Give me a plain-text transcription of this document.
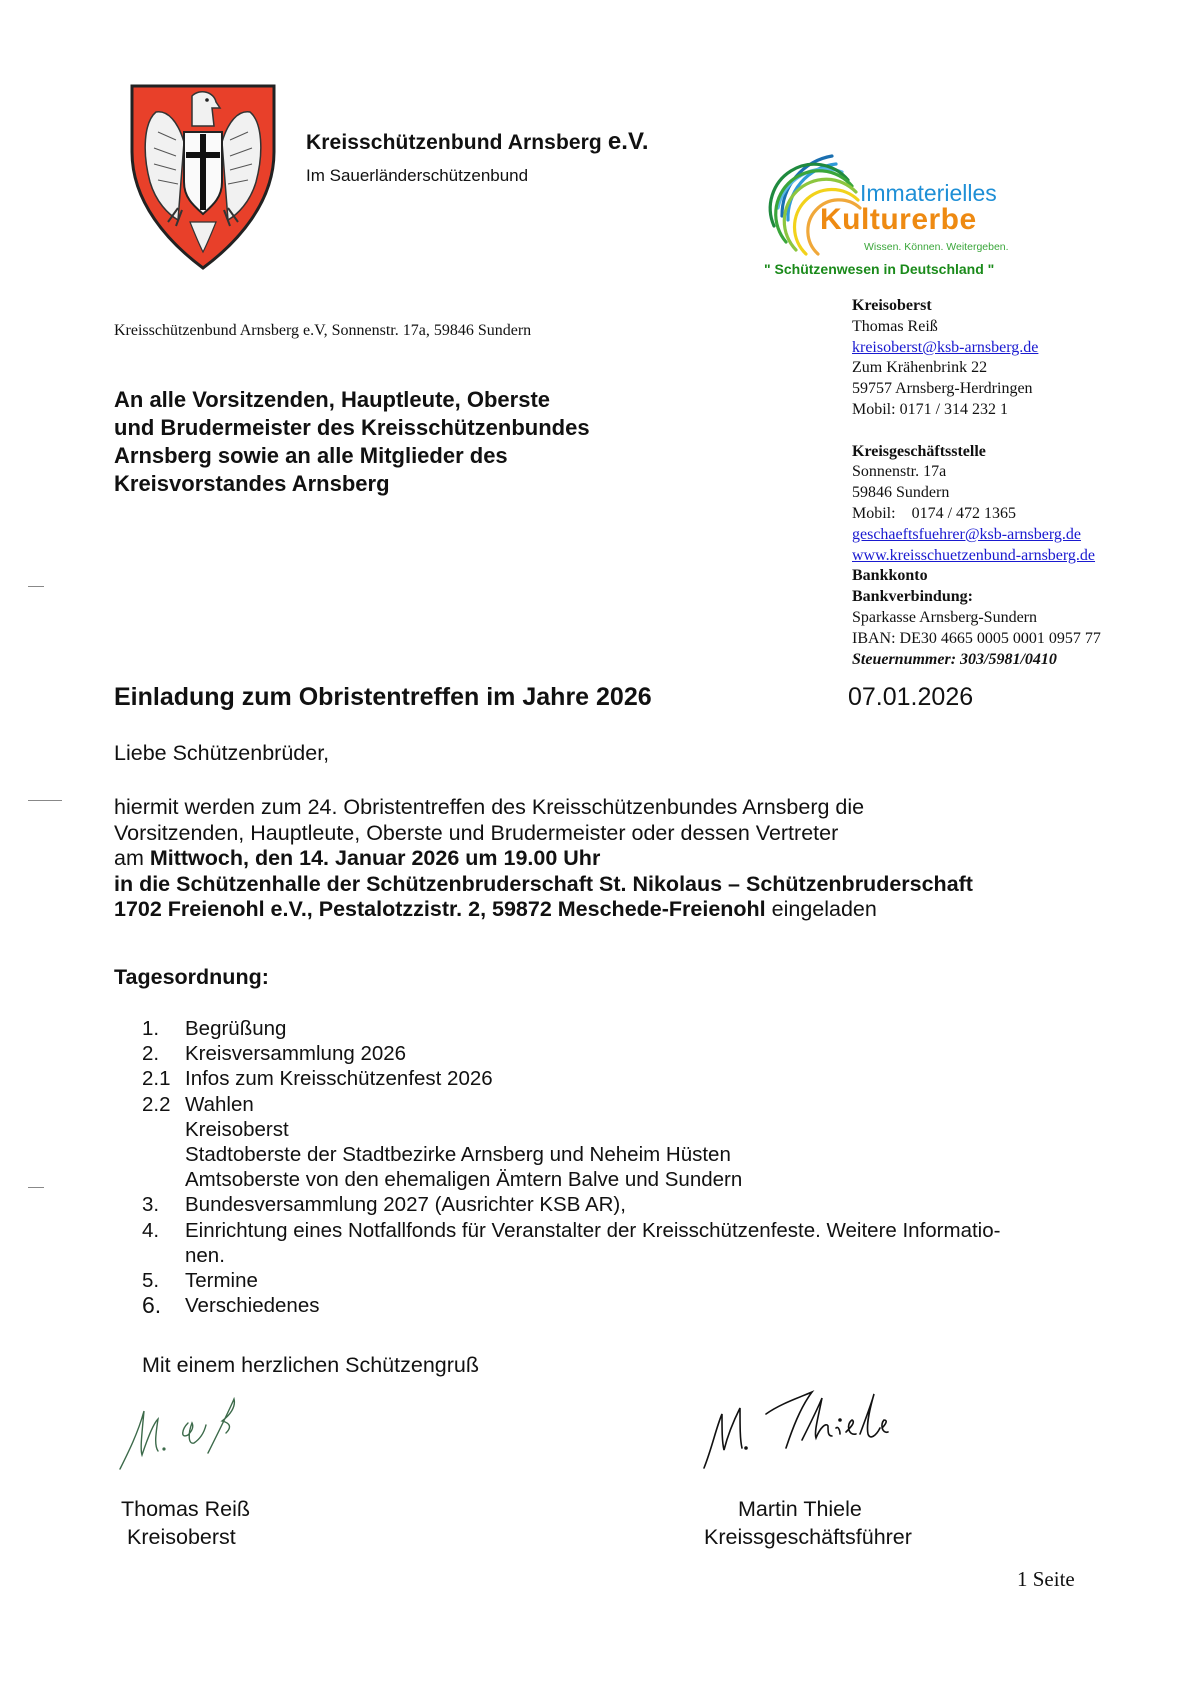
Kreisschützenbund Arnsberg e.V.
Im Sauerländerschützenbund
Immaterielles
Kulturerbe
Wissen. Können. Weitergeben.
" Schützenwesen in Deutschland "
Kreisschützenbund Arnsberg e.V, Sonnenstr. 17a, 59846 Sundern
An alle Vorsitzenden, Hauptleute, Oberste
und Brudermeister des Kreisschützenbundes
Arnsberg sowie an alle Mitglieder des
Kreisvorstandes Arnsberg
Kreisoberst
Thomas Reiß
kreisoberst@ksb-arnsberg.de
Zum Krähenbrink 22
59757 Arnsberg-Herdringen
Mobil: 0171 / 314 232 1
Kreisgeschäftsstelle
Sonnenstr. 17a
59846 Sundern
Mobil:    0174 / 472 1365
geschaeftsfuehrer@ksb-arnsberg.de
www.kreisschuetzenbund-arnsberg.de
Bankkonto
Bankverbindung:
Sparkasse Arnsberg-Sundern
IBAN: DE30 4665 0005 0001 0957 77
Steuernummer: 303/5981/0410
Einladung zum Obristentreffen im Jahre 2026	07.01.2026
Liebe Schützenbrüder,
hiermit werden zum 24. Obristentreffen des Kreisschützenbundes Arnsberg die
Vorsitzenden, Hauptleute, Oberste und Brudermeister oder dessen Vertreter
am Mittwoch, den 14. Januar 2026 um 19.00 Uhr
in die Schützenhalle der Schützenbruderschaft St. Nikolaus – Schützenbruderschaft
1702 Freienohl e.V., Pestalotzzistr. 2, 59872 Meschede-Freienohl eingeladen
Tagesordnung:
1.	Begrüßung
2.	Kreisversammlung 2026
2.1 Infos zum Kreisschützenfest 2026
2.2 Wahlen
Kreisoberst
Stadtoberste der Stadtbezirke Arnsberg und Neheim Hüsten
Amtsoberste von den ehemaligen Ämtern Balve und Sundern
3.	Bundesversammlung 2027 (Ausrichter KSB AR),
4.	Einrichtung eines Notfallfonds für Veranstalter der Kreisschützenfeste. Weitere Informatio-
nen.
5.	Termine
6.	Verschiedenes
Mit einem herzlichen Schützengruß
Thomas Reiß
Kreisoberst
Martin Thiele
Kreissgeschäftsführer
1 Seite
